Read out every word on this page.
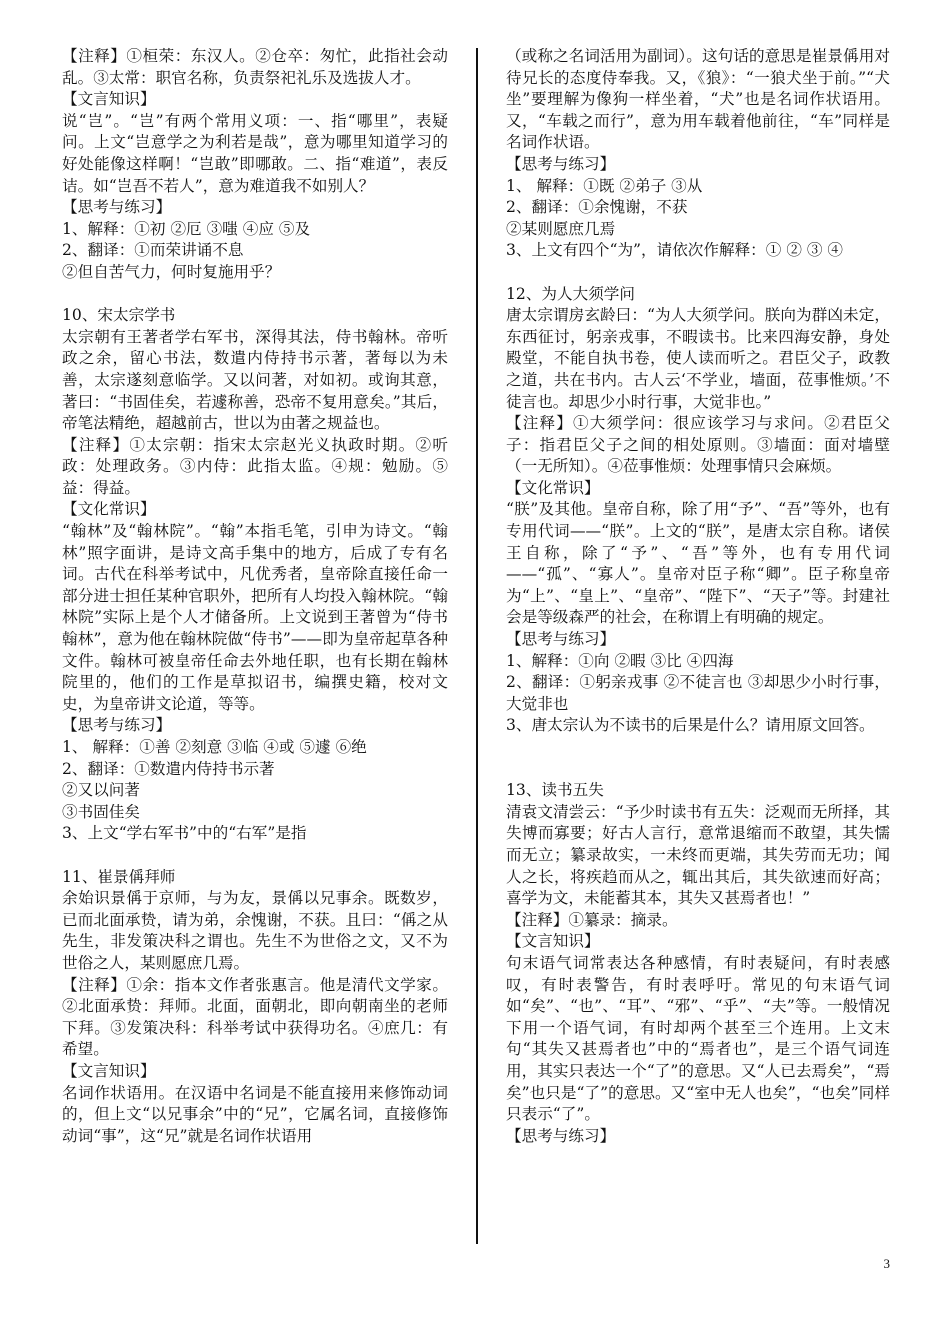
【注释】①桓荣：东汉人。②仓卒：匆忙，此指社会动乱。③太常：职官名称，负责祭祀礼乐及选拔人才。

【文言知识】

说“岂”。“岂”有两个常用义项：一、指“哪里”，表疑问。上文“岂意学之为利若是哉”，意为哪里知道学习的好处能像这样啊！“岂敢”即哪敢。二、指“难道”，表反诘。如“岂吾不若人”，意为难道我不如别人？

【思考与练习】

1、解释：①初 ②厄 ③嗤 ④应 ⑤及

2、翻译：①而荣讲诵不息

②但自苦气力，何时复施用乎？

10、宋太宗学书

太宗朝有王著者学右军书，深得其法，侍书翰林。帝听政之余，留心书法，数遣内侍持书示著，著每以为未善，太宗遂刻意临学。又以问著，对如初。或询其意，著曰：“书固佳矣，若遽称善，恐帝不复用意矣。”其后，帝笔法精绝，超越前古，世以为由著之规益也。

【注释】①太宗朝：指宋太宗赵光义执政时期。②听政：处理政务。③内侍：此指太监。④规：勉励。⑤益：得益。

【文化常识】

“翰林”及“翰林院”。“翰”本指毛笔，引申为诗文。“翰林”照字面讲，是诗文高手集中的地方，后成了专有名词。古代在科举考试中，凡优秀者，皇帝除直接任命一部分进士担任某种官职外，把所有人均投入翰林院。“翰林院”实际上是个人才储备所。上文说到王著曾为“侍书翰林”，意为他在翰林院做“侍书”——即为皇帝起草各种文件。翰林可被皇帝任命去外地任职，也有长期在翰林院里的，他们的工作是草拟诏书，编撰史籍，校对文史，为皇帝讲文论道，等等。

【思考与练习】

1、 解释：①善 ②刻意 ③临 ④或 ⑤遽 ⑥绝

2、翻译：①数遣内侍持书示著

②又以问著

③书固佳矣

3、上文“学右军书”中的“右军”是指

11、崔景偁拜师

余始识景偁于京师，与为友，景偁以兄事余。既数岁，已而北面承贽，请为弟，余愧谢，不获。且曰：“偁之从先生，非发策决科之谓也。先生不为世俗之文，又不为世俗之人，某则愿庶几焉。

【注释】①余：指本文作者张惠言。他是清代文学家。②北面承贽：拜师。北面，面朝北，即向朝南坐的老师下拜。③发策决科：科举考试中获得功名。④庶几：有希望。

【文言知识】

名词作状语用。在汉语中名词是不能直接用来修饰动词的，但上文“以兄事余”中的“兄”，它属名词，直接修饰动词“事”，这“兄”就是名词作状语用

（或称之名词活用为副词）。这句话的意思是崔景偁用对待兄长的态度侍奉我。又，《狼》：“一狼犬坐于前。”“犬坐”要理解为像狗一样坐着，“犬”也是名词作状语用。又，“车载之而行”，意为用车载着他前往，“车”同样是名词作状语。

【思考与练习】

1、 解释：①既 ②弟子 ③从

2、翻译：①余愧谢，不获

②某则愿庶几焉

3、上文有四个“为”，请依次作解释：① ② ③ ④

12、为人大须学问

唐太宗谓房玄龄曰：“为人大须学问。朕向为群凶未定，东西征讨，躬亲戎事，不暇读书。比来四海安静，身处殿堂，不能自执书卷，使人读而听之。君臣父子，政教之道，共在书内。古人云‘不学业，墙面，莅事惟烦。’不徒言也。却思少小时行事，大觉非也。”

【注释】①大须学问：很应该学习与求问。②君臣父子：指君臣父子之间的相处原则。③墙面：面对墙壁（一无所知）。④莅事惟烦：处理事情只会麻烦。

【文化常识】

“朕”及其他。皇帝自称，除了用“予”、“吾”等外，也有专用代词——“朕”。上文的“朕”，是唐太宗自称。诸侯王自称，除了“予”、“吾”等外，也有专用代词——“孤”、“寡人”。皇帝对臣子称“卿”。臣子称皇帝为“上”、“皇上”、“皇帝”、“陛下”、“天子”等。封建社会是等级森严的社会，在称谓上有明确的规定。

【思考与练习】

1、解释：①向 ②暇 ③比 ④四海

2、翻译：①躬亲戎事 ②不徒言也 ③却思少小时行事，大觉非也

3、唐太宗认为不读书的后果是什么？请用原文回答。

13、读书五失

清袁文清尝云：“予少时读书有五失：泛观而无所择，其失博而寡要；好古人言行，意常退缩而不敢望，其失懦而无立；纂录故实，一未终而更端，其失劳而无功；闻人之长，将疾趋而从之，辄出其后，其失欲速而好高；喜学为文，未能蓄其本，其失又甚焉者也！”

【注释】①纂录：摘录。

【文言知识】

句末语气词常表达各种感情，有时表疑问，有时表感叹，有时表警告，有时表呼吁。常见的句末语气词如“矣”、“也”、“耳”、“邪”、“乎”、“夫”等。一般情况下用一个语气词，有时却两个甚至三个连用。上文末句“其失又甚焉者也”中的“焉者也”，是三个语气词连用，其实只表达一个“了”的意思。又“人已去焉矣”，“焉矣”也只是“了”的意思。又“室中无人也矣”，“也矣”同样只表示“了”。

【思考与练习】

3
